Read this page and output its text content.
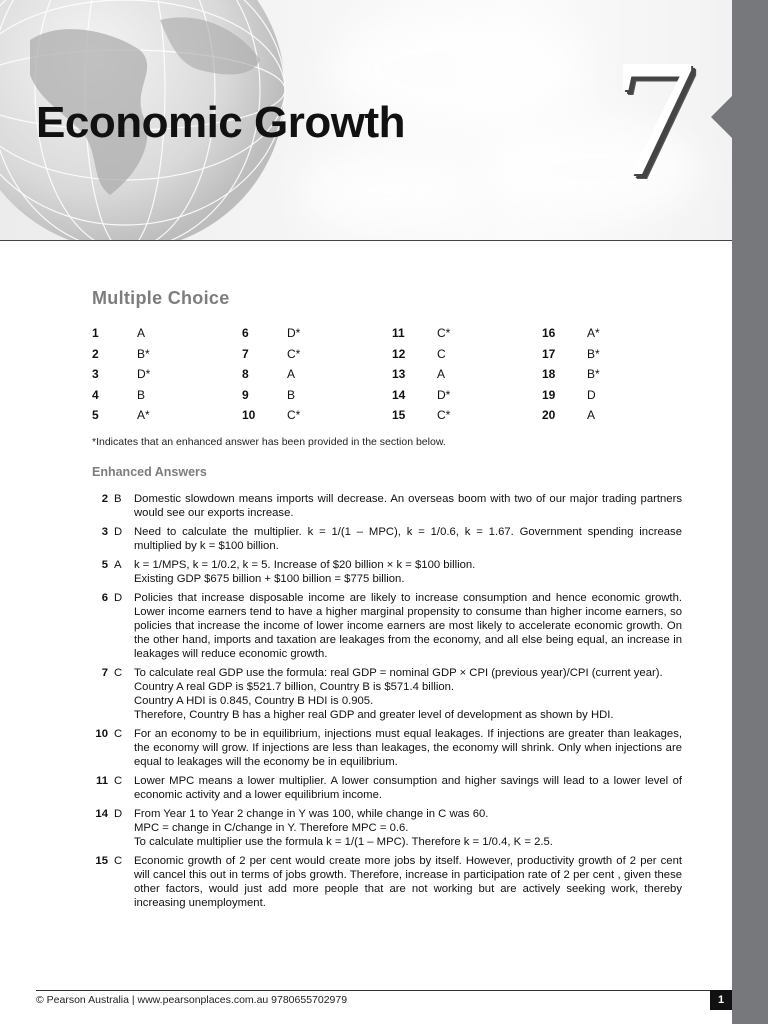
Economic Growth 7
Multiple Choice
1	A
2	B*
3	D*
4	B
5	A*
6	D*
7	C*
8	A
9	B
10	C*
11	C*
12	C
13	A
14	D*
15	C*
16	A*
17	B*
18	B*
19	D
20	A
*Indicates that an enhanced answer has been provided in the section below.
Enhanced Answers
2 B	Domestic slowdown means imports will decrease. An overseas boom with two of our major trading partners would see our exports increase.

3 D	Need to calculate the multiplier. k = 1/(1 – MPC), k = 1/0.6, k = 1.67. Government spending increase multiplied by k = $100 billion.

5 A	k = 1/MPS, k = 1/0.2, k = 5. Increase of $20 billion × k = $100 billion.

Existing GDP $675 billion + $100 billion = $775 billion.

6 D	Policies that increase disposable income are likely to increase consumption and hence economic growth. Lower income earners tend to have a higher marginal propensity to consume than higher income earners, so policies that increase the income of lower income earners are most likely to accelerate economic growth. On the other hand, imports and taxation are leakages from the economy, and all else being equal, an increase in leakages will reduce economic growth.

7 C	To calculate real GDP use the formula: real GDP = nominal GDP × CPI (previous year)/CPI (current year).

Country A real GDP is $521.7 billion, Country B is $571.4 billion.

Country A HDI is 0.845, Country B HDI is 0.905.

Therefore, Country B has a higher real GDP and greater level of development as shown by HDI.

10 C	For an economy to be in equilibrium, injections must equal leakages. If injections are greater than leakages, the economy will grow. If injections are less than leakages, the economy will shrink. Only when injections are equal to leakages will the economy be in equilibrium.

11 C	Lower MPC means a lower multiplier. A lower consumption and higher savings will lead to a lower level of economic activity and a lower equilibrium income.

14 D	From Year 1 to Year 2 change in Y was 100, while change in C was 60.

MPC = change in C/change in Y. Therefore MPC = 0.6.

To calculate multiplier use the formula k = 1/(1 – MPC). Therefore k = 1/0.4, K = 2.5.

15 C	Economic growth of 2 per cent would create more jobs by itself. However, productivity growth of 2 per cent will cancel this out in terms of jobs growth. Therefore, increase in participation rate of 2 per cent , given these other factors, would just add more people that are not working but are actively seeking work, thereby increasing unemployment.

© Pearson Australia | www.pearsonplaces.com.au 9780655702979	1
